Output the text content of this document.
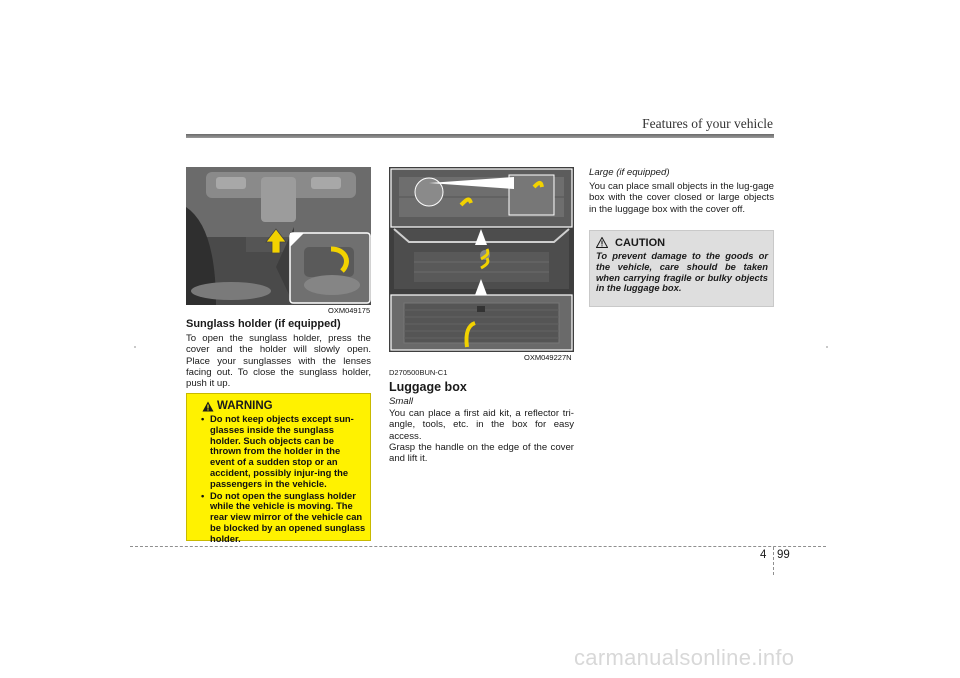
Features of your vehicle
OXM049175
Sunglass holder (if equipped)
To open the sunglass holder, press the cover and the holder will slowly open. Place your sunglasses with the lenses facing out. To close the sunglass holder, push it up.
WARNING
• Do not keep objects except sun-glasses inside the sunglass holder. Such objects can be thrown from the holder in the event of a sudden stop or an accident, possibly injur-ing the passengers in the vehicle.
• Do not open the sunglass holder while the vehicle is moving. The rear view mirror of the vehicle can be blocked by an opened sunglass holder.
OXM049227N
D270500BUN-C1
Luggage box
Small
You can place a first aid kit, a reflector tri-angle, tools, etc. in the box for easy access.
Grasp the handle on the edge of the cover and lift it.
Large (if equipped)
You can place small objects in the lug-gage box with the cover closed or large objects in the luggage box with the cover off.
CAUTION
To prevent damage to the goods or the vehicle, care should be taken when carrying fragile or bulky objects in the luggage box.
4 99
carmanualsonline.info
